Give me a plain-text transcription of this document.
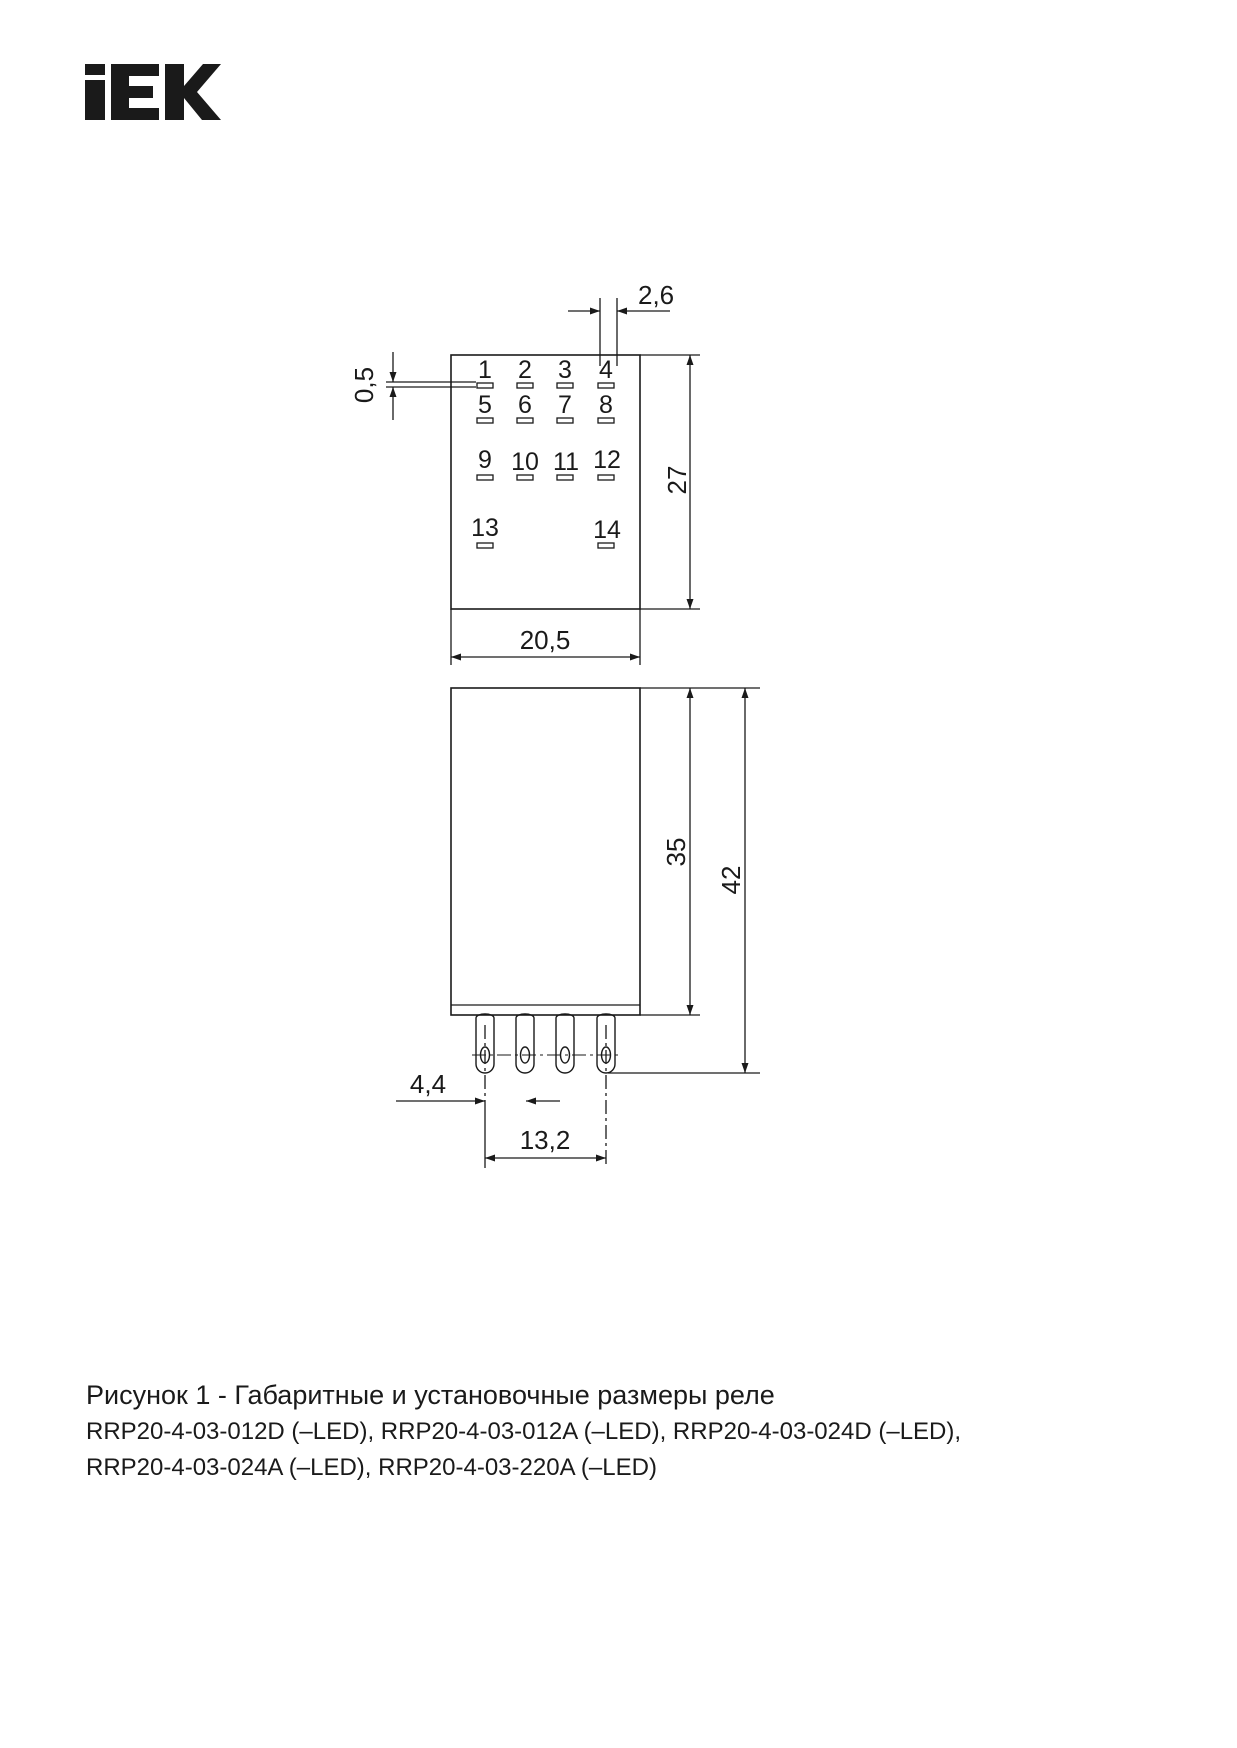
1 2 3 4
5 6 7 8
9 10 11 12
13	14
2,6
0,5
27
20,5
35
42
4,4
13,2
Рисунок 1 - Габаритные и установочные размеры реле
RRP20-4-03-012D (–LED), RRP20-4-03-012A (–LED), RRP20-4-03-024D (–LED),
RRP20-4-03-024A (–LED), RRP20-4-03-220A (–LED)
